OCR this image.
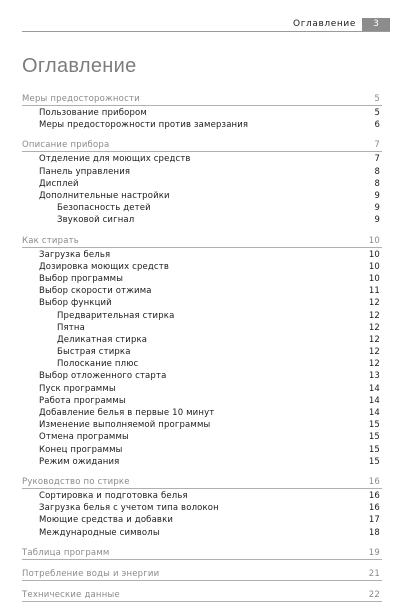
Оглавление	3
Оглавление
Меры предосторожности	5
Пользование прибором	5
Меры предосторожности против замерзания	6
Описание прибора	7
Отделение для моющих средств	7
Панель управления	8
Дисплей	8
Дополнительные настройки	9
Безопасность детей	9
Звуковой сигнал	9
Как стирать	10
Загрузка белья	10
Дозировка моющих средств	10
Выбор программы	10
Выбор скорости отжима	11
Выбор функций	12
Предварительная стирка	12
Пятна	12
Деликатная стирка	12
Быстрая стирка	12
Полоскание плюс	12
Выбор отложенного старта	13
Пуск программы	14
Работа программы	14
Добавление белья в первые 10 минут	14
Изменение выполняемой программы	15
Отмена программы	15
Конец программы	15
Режим ожидания	15
Руководство по стирке	16
Сортировка и подготовка белья	16
Загрузка белья с учетом типа волокон	16
Моющие средства и добавки	17
Международные символы	18
Таблица программ	19
Потребление воды и энергии	21
Технические данные	22
